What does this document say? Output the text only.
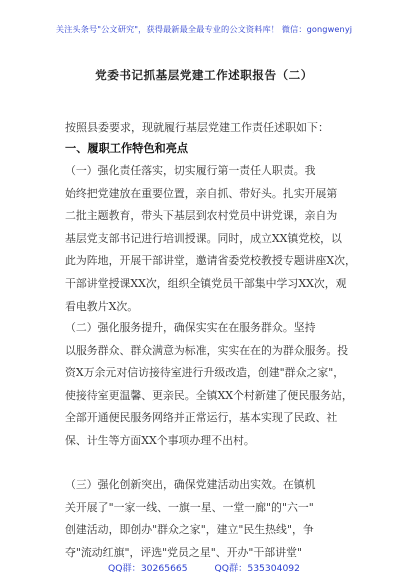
关注头条号"公文研究"，获得最新最全最专业的公文资料库！ 微信：gongwenyj
党委书记抓基层党建工作述职报告（二）
按照县委要求，现就履行基层党建工作责任述职如下：
一、履职工作特色和亮点
（一）强化责任落实，切实履行第一责任人职责。我
始终把党建放在重要位置，亲自抓、带好头。扎实开展第
二批主题教育，带头下基层到农村党员中讲党课，亲自为
基层党支部书记进行培训授课。同时，成立XX镇党校，以
此为阵地，开展干部讲堂，邀请省委党校教授专题讲座X次，
干部讲堂授课XX次，组织全镇党员干部集中学习XX次，观
看电教片X次。
（二）强化服务提升，确保实实在在服务群众。坚持
以服务群众、群众满意为标准，实实在在的为群众服务。投
资X万余元对信访接待室进行升级改造，创建"群众之家"，
使接待室更温馨、更亲民。全镇XX个村新建了便民服务站，
全部开通便民服务网络并正常运行，基本实现了民政、社
保、计生等方面XX个事项办理不出村。
（三）强化创新突出，确保党建活动出实效。在镇机
关开展了"一家一线、一旗一星、一堂一廊"的"六一"
创建活动，即创办"群众之家"，建立"民生热线"，争
夺"流动红旗"，评选"党员之星"、开办"干部讲堂"
QQ群：30265665	QQ群：535304092
